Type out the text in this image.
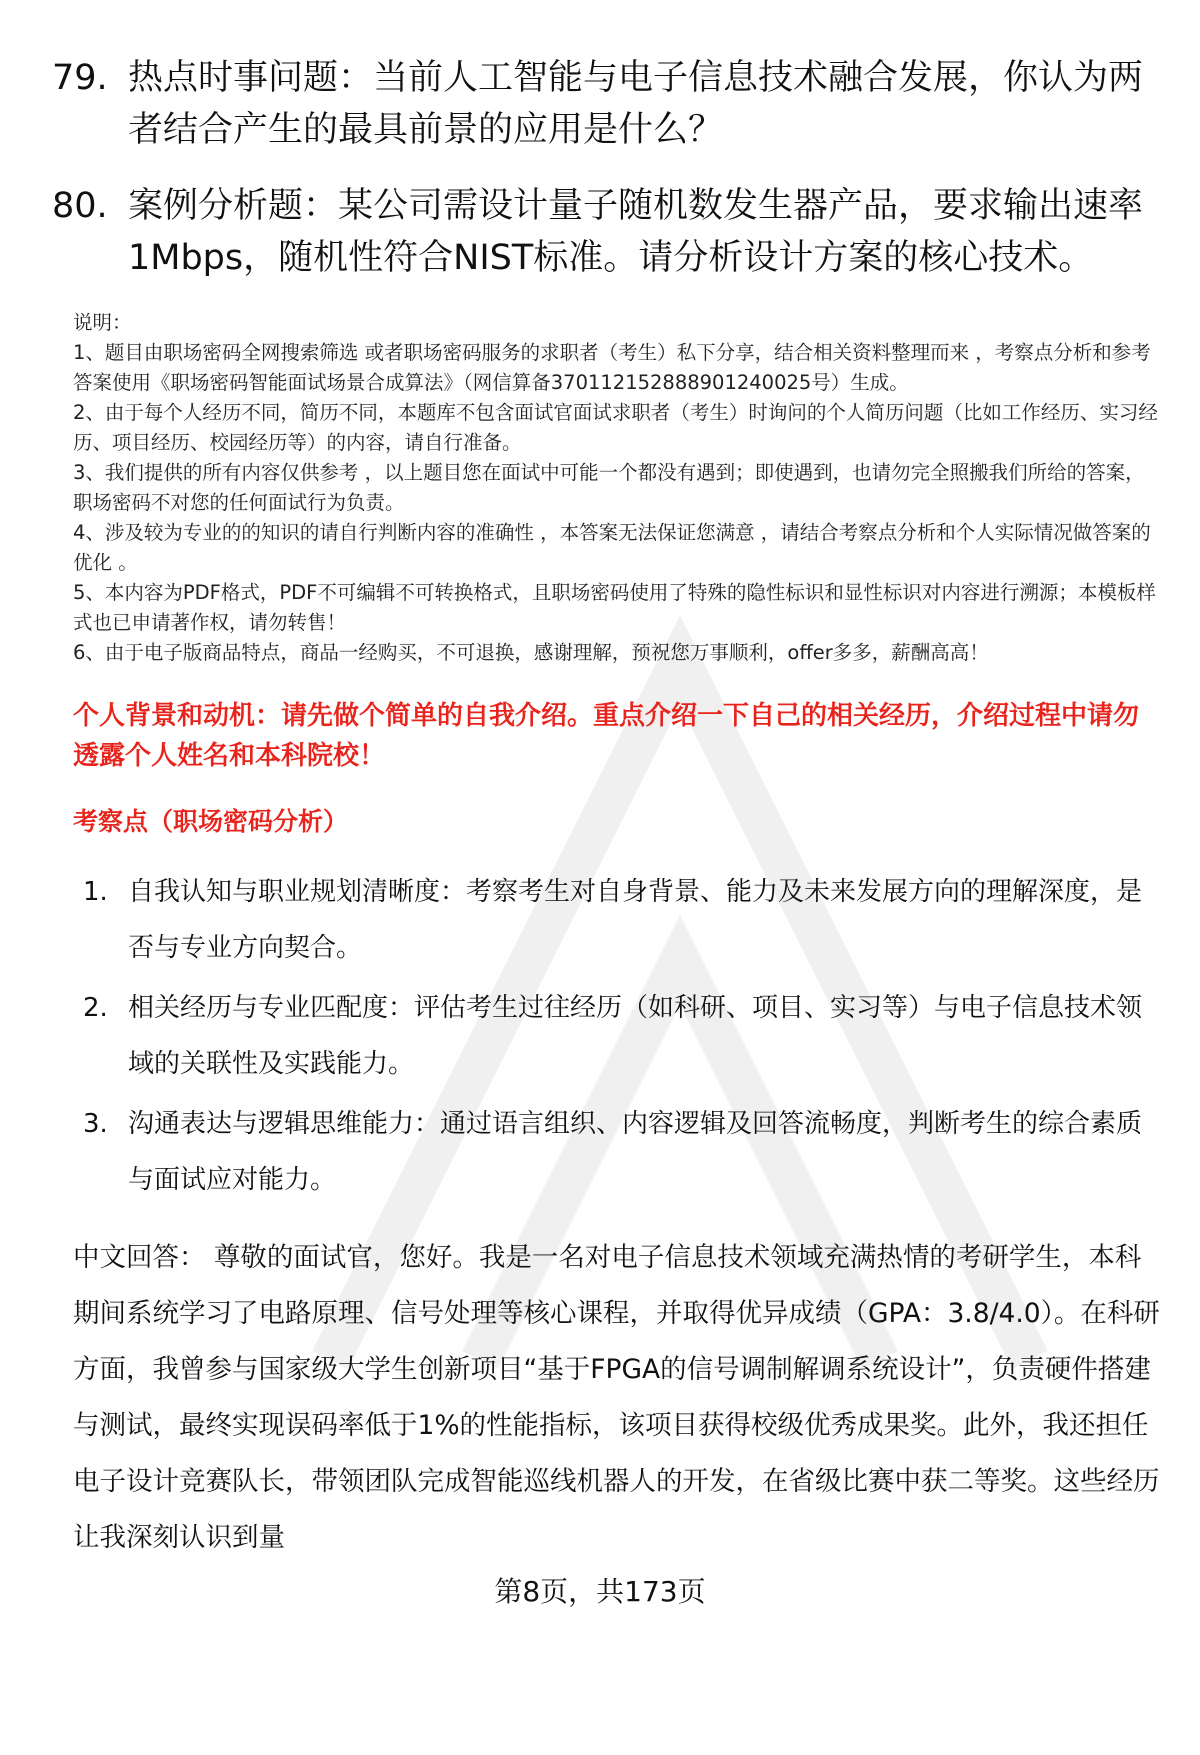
79. 热点时事问题：当前人工智能与电子信息技术融合发展，你认为两者结合产生的最具前景的应用是什么？
80. 案例分析题：某公司需设计量子随机数发生器产品，要求输出速率1Mbps，随机性符合NIST标准。请分析设计方案的核心技术。

说明：

1、题目由职场密码全网搜索筛选 或者职场密码服务的求职者（考生）私下分享，结合相关资料整理而来 ，考察点分析和参考答案使用《职场密码智能面试场景合成算法》（网信算备370112152888901240025号）生成。

2、由于每个人经历不同，简历不同，本题库不包含面试官面试求职者（考生）时询问的个人简历问题（比如工作经历、实习经历、项目经历、校园经历等）的内容，请自行准备。

3、我们提供的所有内容仅供参考 ，以上题目您在面试中可能一个都没有遇到；即使遇到，也请勿完全照搬我们所给的答案，职场密码不对您的任何面试行为负责。

4、涉及较为专业的的知识的请自行判断内容的准确性 ，本答案无法保证您满意 ，请结合考察点分析和个人实际情况做答案的优化 。

5、本内容为PDF格式，PDF不可编辑不可转换格式，且职场密码使用了特殊的隐性标识和显性标识对内容进行溯源；本模板样式也已申请著作权，请勿转售！

6、由于电子版商品特点，商品一经购买，不可退换，感谢理解，预祝您万事顺利，offer多多，薪酬高高！

个人背景和动机：请先做个简单的自我介绍。重点介绍一下自己的相关经历，介绍过程中请勿透露个人姓名和本科院校！
考察点（职场密码分析）
1. 自我认知与职业规划清晰度：考察考生对自身背景、能力及未来发展方向的理解深度，是否与专业方向契合。
2. 相关经历与专业匹配度：评估考生过往经历（如科研、项目、实习等）与电子信息技术领域的关联性及实践能力。
3. 沟通表达与逻辑思维能力：通过语言组织、内容逻辑及回答流畅度，判断考生的综合素质与面试应对能力。
中文回答： 尊敬的面试官，您好。我是一名对电子信息技术领域充满热情的考研学生，本科期间系统学习了电路原理、信号处理等核心课程，并取得优异成绩（GPA：3.8/4.0）。在科研方面，我曾参与国家级大学生创新项目“基于FPGA的信号调制解调系统设计”，负责硬件搭建与测试，最终实现误码率低于1%的性能指标，该项目获得校级优秀成果奖。此外，我还担任电子设计竞赛队长，带领团队完成智能巡线机器人的开发，在省级比赛中获二等奖。这些经历让我深刻认识到量
第8页，共173页
